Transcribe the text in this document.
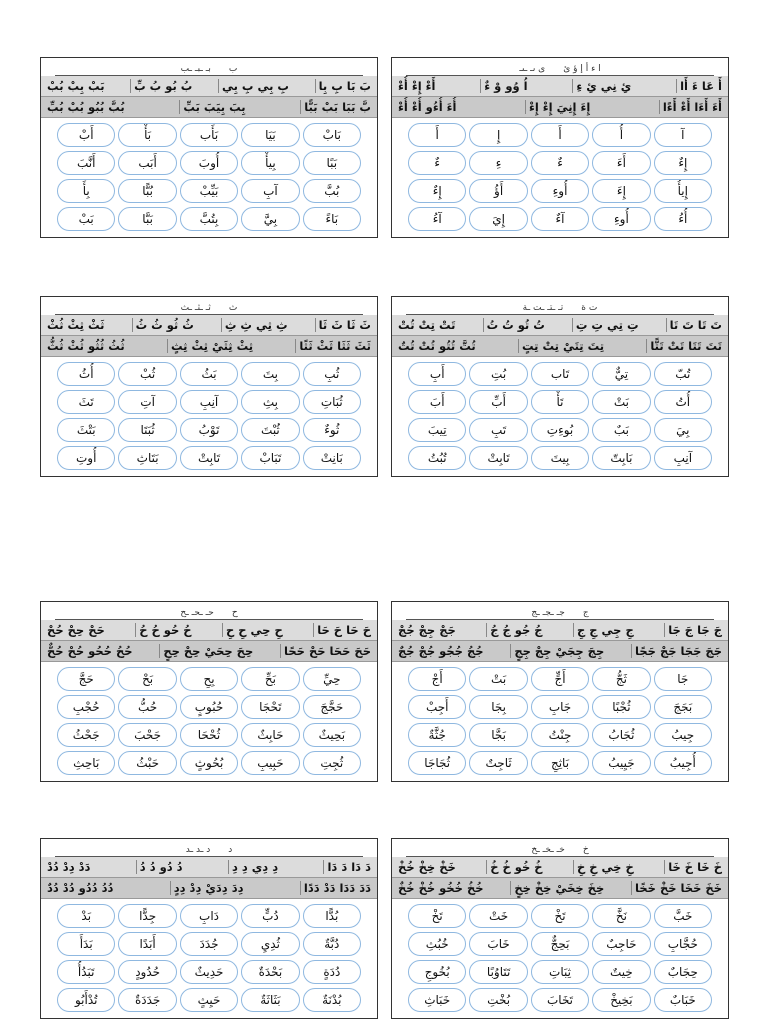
ب
بـ ـبـ ـب
بَ بَا بِ بِا
بِ بِي بِ بِي
بُ بُو بُ بِّ
بَبْ بِبْ بُبْ
بَّ بَبَا بَبْ بَبًّا
بِبَ بِيَبَ بَبِّ
بُبَّ بُبُو بُبْ بُبِّ
بَابْ
بَيَا
بَأَب
بَأْ
أَبْ
بَبًا
بِيأْ
أُوبَ
أَبَب
أَنَّبَ
بُبَّ
آبِ
بَيِّبْ
بُبًّا
بِأَ
بَاءً
بِيَّ
بِتُبَّ
بَبَّا
بَبْ
ا ء أ إ ؤ ئ
ى ىـ ـىـ
أَ عَا ءَ أَا
ئِ نِي ئِ ءِ
اُ وُو وْ ءٌ
أَءْ إِءْ أُءْ
أَءَ أَءَا أَءْ أَءًا
إِءَ إِنِيَ إِءْ إِءْ
أُءَ أُءُو أُءْ أُءْ
آ
أُ
أَ
إِ
أَ
إِءٌ
أَءَ
ءٌ
ءِ
ءٌ
إِيأُ
إِءَ
أُوءِ
أَؤُ
إِءٌ
أُءُ
أُوءِ
آءٌ
إِيَ
آءُ
ث
ثـ ـثـ ـث
ثَ ثَا ثَ ثَا
ثِ ثِي ثِ ثِ
ثُ ثُو ثُ ثُ
ثَثْ ثِثْ ثُثْ
ثَثَ ثَثَا ثَثْ ثَثًا
ثِثْ ثِثَيْ ثِثْ ثِثٍ
ثُثُ ثُثُو ثُثْ ثُثُّ
ثُبِ
بِتَ
بَثُ
ثُبْ
أُثُ
ثُبَاتِ
بِثِ
آنِبِ
آتِ
تَثَ
ثُوءٌ
ثُبْتَ
تَوْبُ
ثُبَتَا
بَتْثَ
بَانِتْ
تَبَابْ
تَابِتْ
بَتَاثِ
أُوتِ
ت ة
تـ ـتـ ـت ـة
تَ تَا تَ تَا
تِ تِي تِ تِ
تُ تُو تُ تُ
تَتْ تِتْ تُتْ
تَتَ تَتَا تَتْ تَتًّا
تِتَ تِتَيْ تِتْ تِتٍ
تُتَّ تُتُو تُتْ تُتٌ
تُبّ
تِيٌّ
تَاب
بُتِ
أَبِ
أُتُ
بَتْ
تَأْ
أَبِّ
أَبَ
بِيَ
بَبٌ
بُوءِتِ
تَبِ
تِيبَ
آنِبِ
بَابِتّ
بِيتَ
تَابِتْ
تُبُتُ
ح
حـ ـحـ ـح
حَ حَا حَ حَا
حِ حِي حِ حِ
حُ حُو حُ حُ
حَحْ حِحْ حُحْ
حَحَ حَحَا حَحْ حَحًا
حِحَ حِحَيْ حِحْ حِحٍ
حُحُ حُحُو حُحْ حُحٌّ
حِيِّ
بَحِّ
بِحِ
بَحْ
حَجَّ
حَجَّجَ
تَحْجَا
حُبُوبٍ
حُبُّ
حُجْبِ
بَحِيثٌ
حَابِثٌ
ثُحْحَا
جَحْبَ
جَحْثُ
ثُجِتِ
حَبِيبِ
بُحُوثٍ
حَبْثُ
بَاحِثِ
ج
جـ ـجـ ـج
جَ جَا جَ جَا
جِ جِي جِ جِ
جُ جُو جُ جُ
جَجْ جِجْ جُجْ
جَجَ جَجَا جَجْ جَجًا
جِجَ جِجَيْ جِجْ جِجٍ
جُجُ جُجُو جُجْ جُجٌ
جَا
ثَجُّ
أَجٍّ
بَتْ
أَجْ
بَجَجَ
ثُجْبًا
جَابِ
بِجَا
أَجِبْ
جِيبُ
ثُجَابُ
جِنْتُ
بَجَّا
جُثَّةٌ
أُجِيبُ
جَيِيبُ
بَاثِجِ
ثَاجِتٌ
ثُجَاجَا
د
د ـد ـد
دَ دَا دَ دَا
دِ دِي دِ دِ
دُ دُو دُ دُ
دَدْ دِدْ دُدْ
دَدَ دَدَا دَدْ دَدًا
دِدَ دِدَيْ دِدْ دِدٍ
دُدُ دُدُو دُدْ دُدٌ
بُدًّا
دُبٍّ
دَابِ
جِدًّا
بَدْ
دُبَّةٌ
ثُدِيِ
جُدَدَ
أَبَدًا
بَدَأَ
دُدَةٍ
بَحْدَةٌ
حَدِيثٌ
حُدُودٍ
تَبَدُأُ
بُدْنَةٌ
بَثَاثَةٌ
حَيِثٍ
جَدَدَةٌ
تُدْأَبُو
خ
خـ ـخـ ـخ
خَ خَا خَ خَا
خِ خِي خِ خِ
خُ خُو خُ خُ
خَخْ خِخْ خُخْ
خَخَ خَخَا خَخْ خَخًا
خِخَ خِخَيْ خِخْ خِخٍ
خُخُ خُخُو خُخْ خُخٌ
خَبَّ
نَخَّ
تَخْ
خَتْ
تَخْ
حُجَّابِ
حَاجِبٌ
بَحِجٌّ
خَابَ
خُبُثِ
حِجَابٌ
خِيتٌ
ثِبَاتِ
تَتَاوُبًا
بُخُوجِ
خَبَابٌ
بَخِيخْ
تَخَابَ
بُخْتِ
خَبَاثِ
